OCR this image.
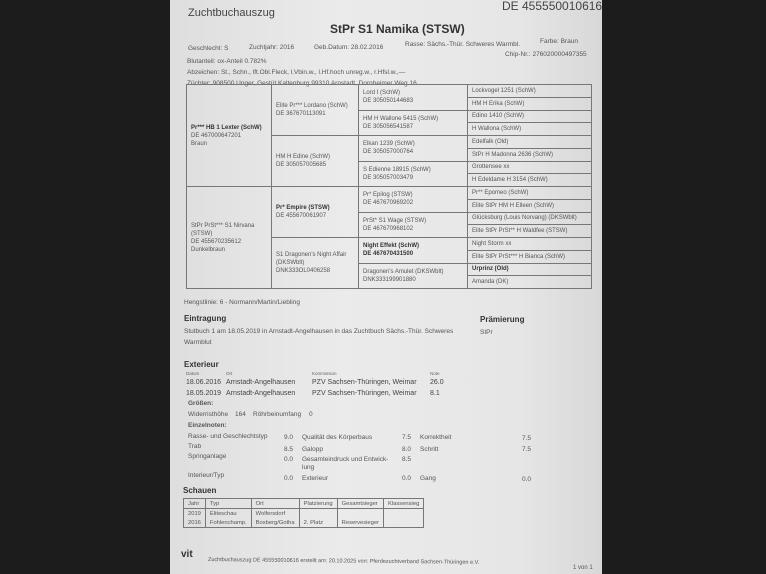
Zuchtbuchauszug	DE 455550010616
StPr S1 Namika (STSW)
Geschlecht: S	Zuchtjahr: 2016	Geb.Datum: 28.02.2016	Rasse: Sächs.-Thür. Schweres Warmbl.	Farbe: Braun
Chip-Nr.: 276020000497355
Blutanteil: ox-Anteil 0.782%
Abzeichen: St., Schn., lft.Obl.Fleck, l.Vbin.w., l.Hf.hoch unreg.w., r.Hfsl.w.,—
Züchter: 908500 Unger, Gestüt Kaltenburg 99310 Arnstadt, Dornheimer Weg 16
Pr*** HB 1 Lexter (SchW)
DE 467000647201
Braun	Elite Pr*** Lordano (SchW)
DE 367670113091	Lord I (SchW)
DE 305050144683	Lockvogel 1251 (SchW)
			HM H Erika (SchW)
		HM H Wallone 5415 (SchW)
DE 305056541587	Edino 1410 (SchW)
			H Wallona (SchW)
	HM H Edine (SchW)
DE 305057005685	Elkan 1239 (SchW)
DE 305057000764	Edelfalk (Old)
			StPr H Madonna 2636 (SchW)
		S Edienne 18915 (SchW)
DE 305057003479	Grottensee xx
			H Edeldame H 3154 (SchW)
StPr PrSt*** S1 Nirvana (STSW)
DE 455670235612
Dunkelbraun	Pr* Empire (STSW)
DE 455670061907	Pr* Epilog (STSW)
DE 467670969202	Pr** Epomeo (SchW)
			Elite StPr HM H Elleen (SchW)
		PrSt* S1 Wage (STSW)
DE 467670968102	Glücksburg (Louis Norvang) (DKSWblt)
			Elite StPr PrSt** H Waldfee (STSW)
	S1 Dragonen's Night Affair (DKSWblt)
DNK333OL0406258	Night Effekt (SchW)
DE 467670431500	Night Storm xx
			Elite StPr PrSt*** H Bianca (SchW)
		Dragonen's Amulet (DKSWblt)
DNK333199901880	Urprinz (Old)
			Amanda (DK)
Hengstlinie: 6 - Normann/Martin/Liebling
Eintragung
Stutbuch 1 am 18.05.2019 in Arnstadt-Angelhausen in das Zuchtbuch Sächs.-Thür. Schweres
Warmblut
Prämierung
StPr
Exterieur
Datum	Ort	Kommission	Note
18.06.2016 Arnstadt-Angelhausen PZV Sachsen-Thüringen, Weimar 26.0
18.05.2019 Arnstadt-Angelhausen PZV Sachsen-Thüringen, Weimar 8.1
Größen:
Widerristhöhe 164 Röhrbeinumfang 0
Einzelnoten:
Rasse- und Geschlechtstyp	9.0 Qualität des Körperbaus	7.5 Korrektheit	7.5
Trab	8.5 Galopp	8.0 Schritt	7.5
Springanlage	0.0 Gesamteindruck und Entwick- 8.5
lung
Interieur/Typ	0.0 Exterieur	0.0 Gang	0.0
Schauen
Jahr	Typ	Ort	Platzierung	Gesamtsieger	Klassensieg
2019	Eliteschau	Wolfersdorf			
2016	Fohlenchamp.	Boxberg/Gotha	2. Platz	Reservesieger	
vit
Zuchtbuchauszug DE 455550010616 erstellt am: 20.10.2025 von: Pferdezuchtverband Sachsen-Thüringen e.V.
1 von 1
